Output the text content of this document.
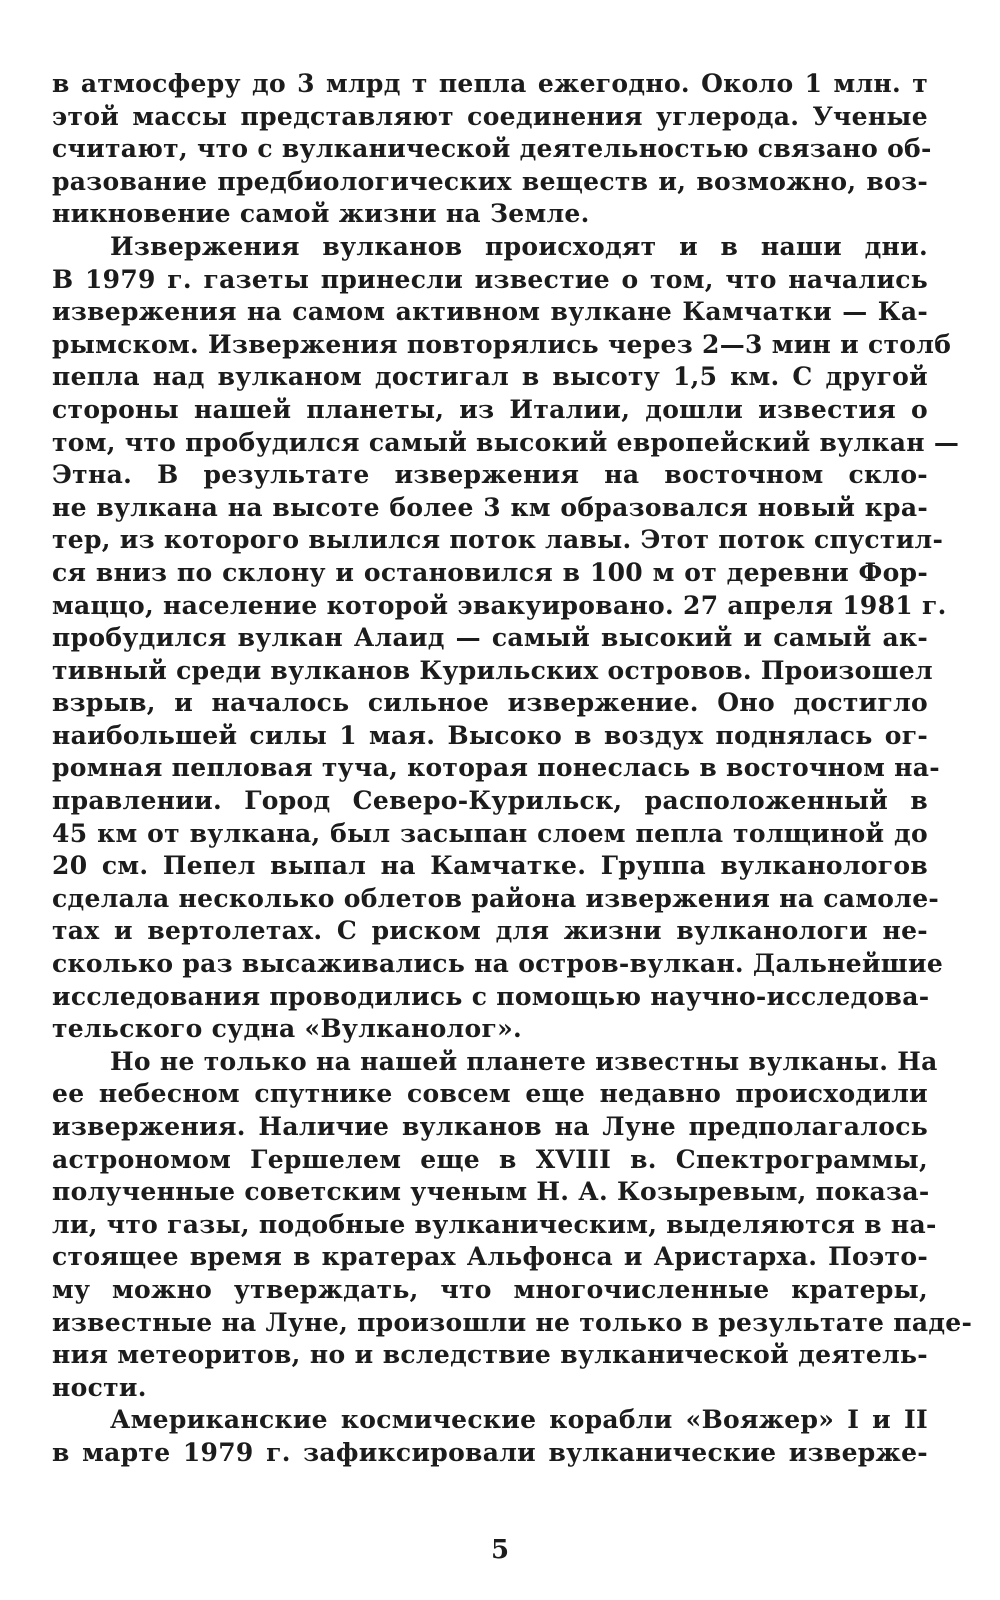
в атмосферу до 3 млрд т пепла ежегодно. Около 1 млн. т
этой массы представляют соединения углерода. Ученые
считают, что с вулканической деятельностью связано об-
разование предбиологических веществ и, возможно, воз-
никновение самой жизни на Земле.
Извержения вулканов происходят и в наши дни.
В 1979 г. газеты принесли известие о том, что начались
извержения на самом активном вулкане Камчатки — Ка-
рымском. Извержения повторялись через 2—3 мин и столб
пепла над вулканом достигал в высоту 1,5 км. С другой
стороны нашей планеты, из Италии, дошли известия о
том, что пробудился самый высокий европейский вулкан —
Этна. В результате извержения на восточном скло-
не вулкана на высоте более 3 км образовался новый кра-
тер, из которого вылился поток лавы. Этот поток спустил-
ся вниз по склону и остановился в 100 м от деревни Фор-
маццо, население которой эвакуировано. 27 апреля 1981 г.
пробудился вулкан Алаид — самый высокий и самый ак-
тивный среди вулканов Курильских островов. Произошел
взрыв, и началось сильное извержение. Оно достигло
наибольшей силы 1 мая. Высоко в воздух поднялась ог-
ромная пепловая туча, которая понеслась в восточном на-
правлении. Город Северо-Курильск, расположенный в
45 км от вулкана, был засыпан слоем пепла толщиной до
20 см. Пепел выпал на Камчатке. Группа вулканологов
сделала несколько облетов района извержения на самоле-
тах и вертолетах. С риском для жизни вулканологи не-
сколько раз высаживались на остров-вулкан. Дальнейшие
исследования проводились с помощью научно-исследова-
тельского судна «Вулканолог».
Но не только на нашей планете известны вулканы. На
ее небесном спутнике совсем еще недавно происходили
извержения. Наличие вулканов на Луне предполагалось
астрономом Гершелем еще в XVIII в. Спектрограммы,
полученные советским ученым Н. А. Козыревым, показа-
ли, что газы, подобные вулканическим, выделяются в на-
стоящее время в кратерах Альфонса и Аристарха. Поэто-
му можно утверждать, что многочисленные кратеры,
известные на Луне, произошли не только в результате паде-
ния метеоритов, но и вследствие вулканической деятель-
ности.
Американские космические корабли «Вояжер» I и II
в марте 1979 г. зафиксировали вулканические изверже-
5
